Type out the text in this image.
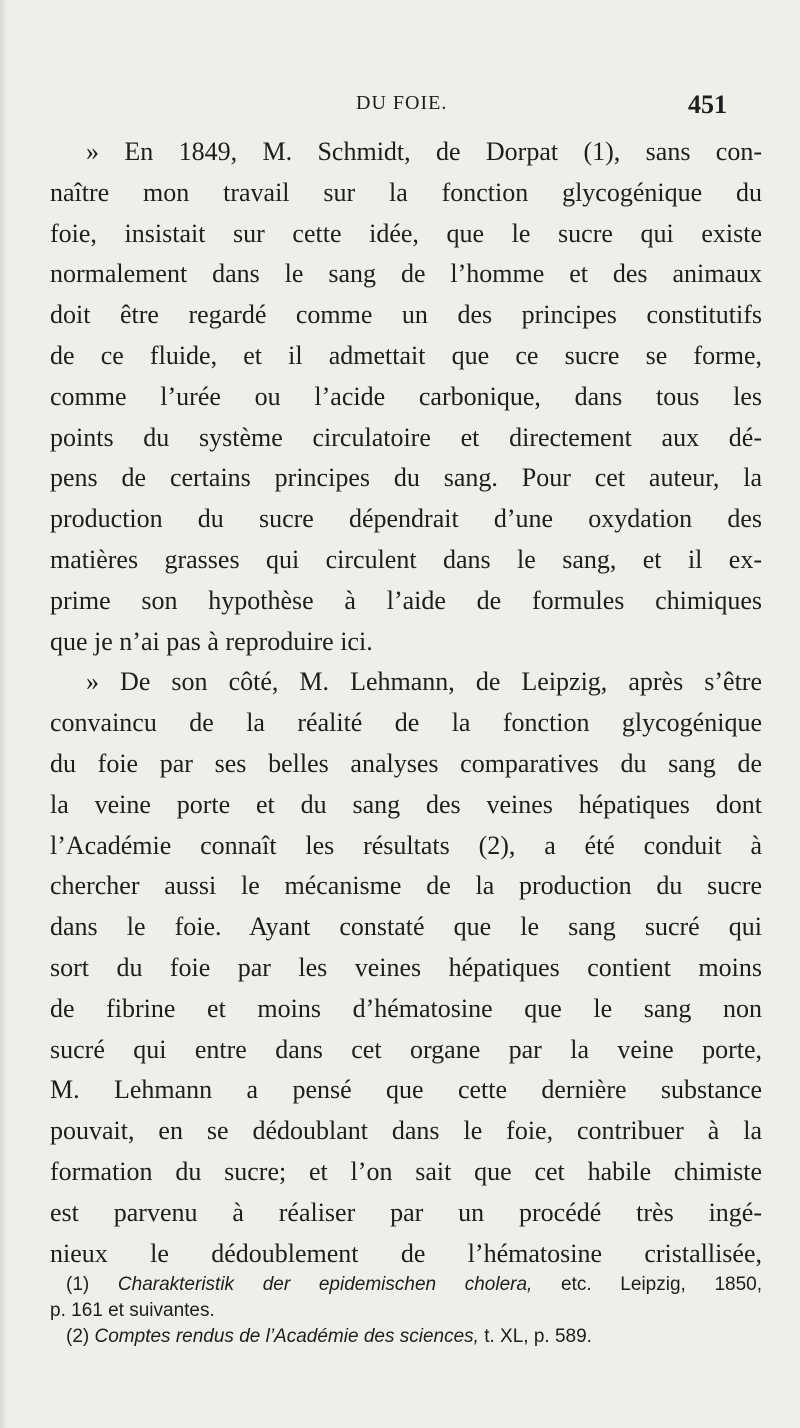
DU FOIE.	451
» En 1849, M. Schmidt, de Dorpat (1), sans con-
naître mon travail sur la fonction glycogénique du
foie, insistait sur cette idée, que le sucre qui existe
normalement dans le sang de l’homme et des animaux
doit être regardé comme un des principes constitutifs
de ce fluide, et il admettait que ce sucre se forme,
comme l’urée ou l’acide carbonique, dans tous les
points du système circulatoire et directement aux dé-
pens de certains principes du sang. Pour cet auteur, la
production du sucre dépendrait d’une oxydation des
matières grasses qui circulent dans le sang, et il ex-
prime son hypothèse à l’aide de formules chimiques
que je n’ai pas à reproduire ici.
» De son côté, M. Lehmann, de Leipzig, après s’être
convaincu de la réalité de la fonction glycogénique
du foie par ses belles analyses comparatives du sang de
la veine porte et du sang des veines hépatiques dont
l’Académie connaît les résultats (2), a été conduit à
chercher aussi le mécanisme de la production du sucre
dans le foie. Ayant constaté que le sang sucré qui
sort du foie par les veines hépatiques contient moins
de fibrine et moins d’hématosine que le sang non
sucré qui entre dans cet organe par la veine porte,
M. Lehmann a pensé que cette dernière substance
pouvait, en se dédoublant dans le foie, contribuer à la
formation du sucre; et l’on sait que cet habile chimiste
est parvenu à réaliser par un procédé très ingé-
nieux le dédoublement de l’hématosine cristallisée,
(1) Charakteristik der epidemischen cholera, etc. Leipzig, 1850,
p. 161 et suivantes.
(2) Comptes rendus de l’Académie des sciences, t. XL, p. 589.
